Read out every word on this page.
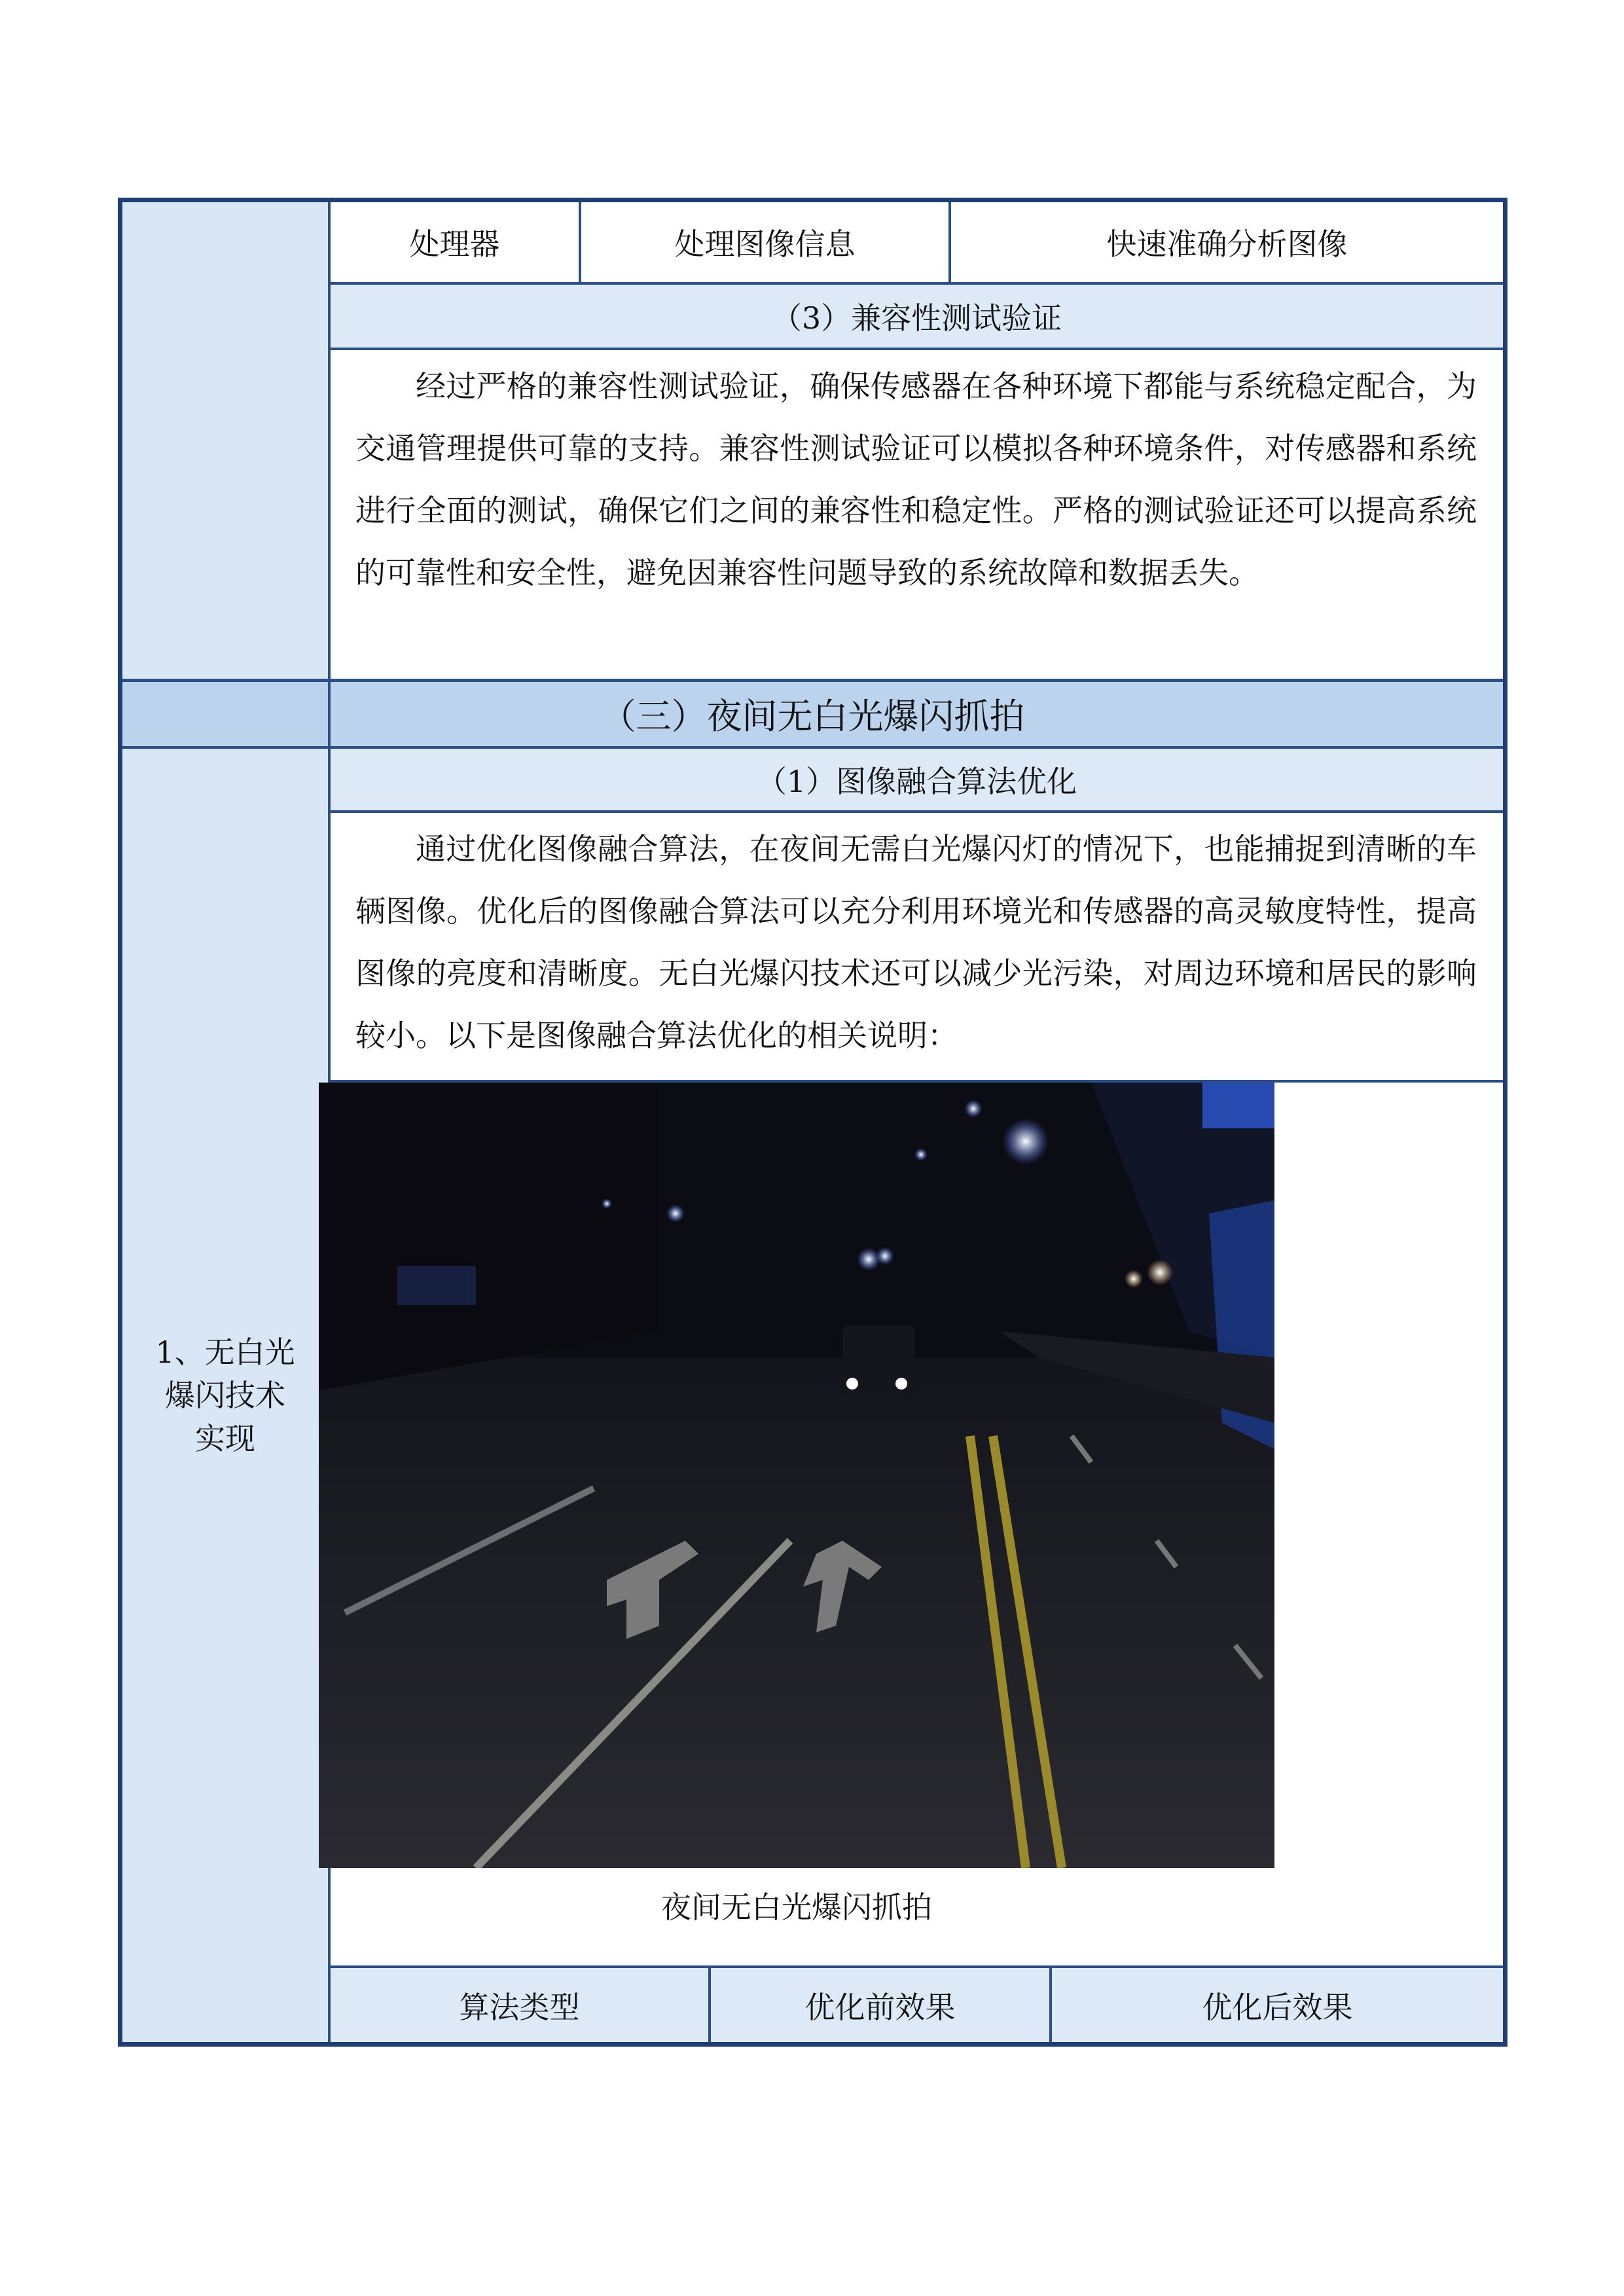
1、无白光
爆闪技术
实现
处理器	处理图像信息	快速准确分析图像
（3）兼容性测试验证
经过严格的兼容性测试验证，确保传感器在各种环境下都能与系统稳定配合，为交通管理提供可靠的支持。兼容性测试验证可以模拟各种环境条件，对传感器和系统进行全面的测试，确保它们之间的兼容性和稳定性。严格的测试验证还可以提高系统的可靠性和安全性，避免因兼容性问题导致的系统故障和数据丢失。
（三）夜间无白光爆闪抓拍
（1）图像融合算法优化
通过优化图像融合算法，在夜间无需白光爆闪灯的情况下，也能捕捉到清晰的车辆图像。优化后的图像融合算法可以充分利用环境光和传感器的高灵敏度特性，提高图像的亮度和清晰度。无白光爆闪技术还可以减少光污染，对周边环境和居民的影响较小。以下是图像融合算法优化的相关说明：
算法类型	优化前效果	优化后效果
夜间无白光爆闪抓拍
